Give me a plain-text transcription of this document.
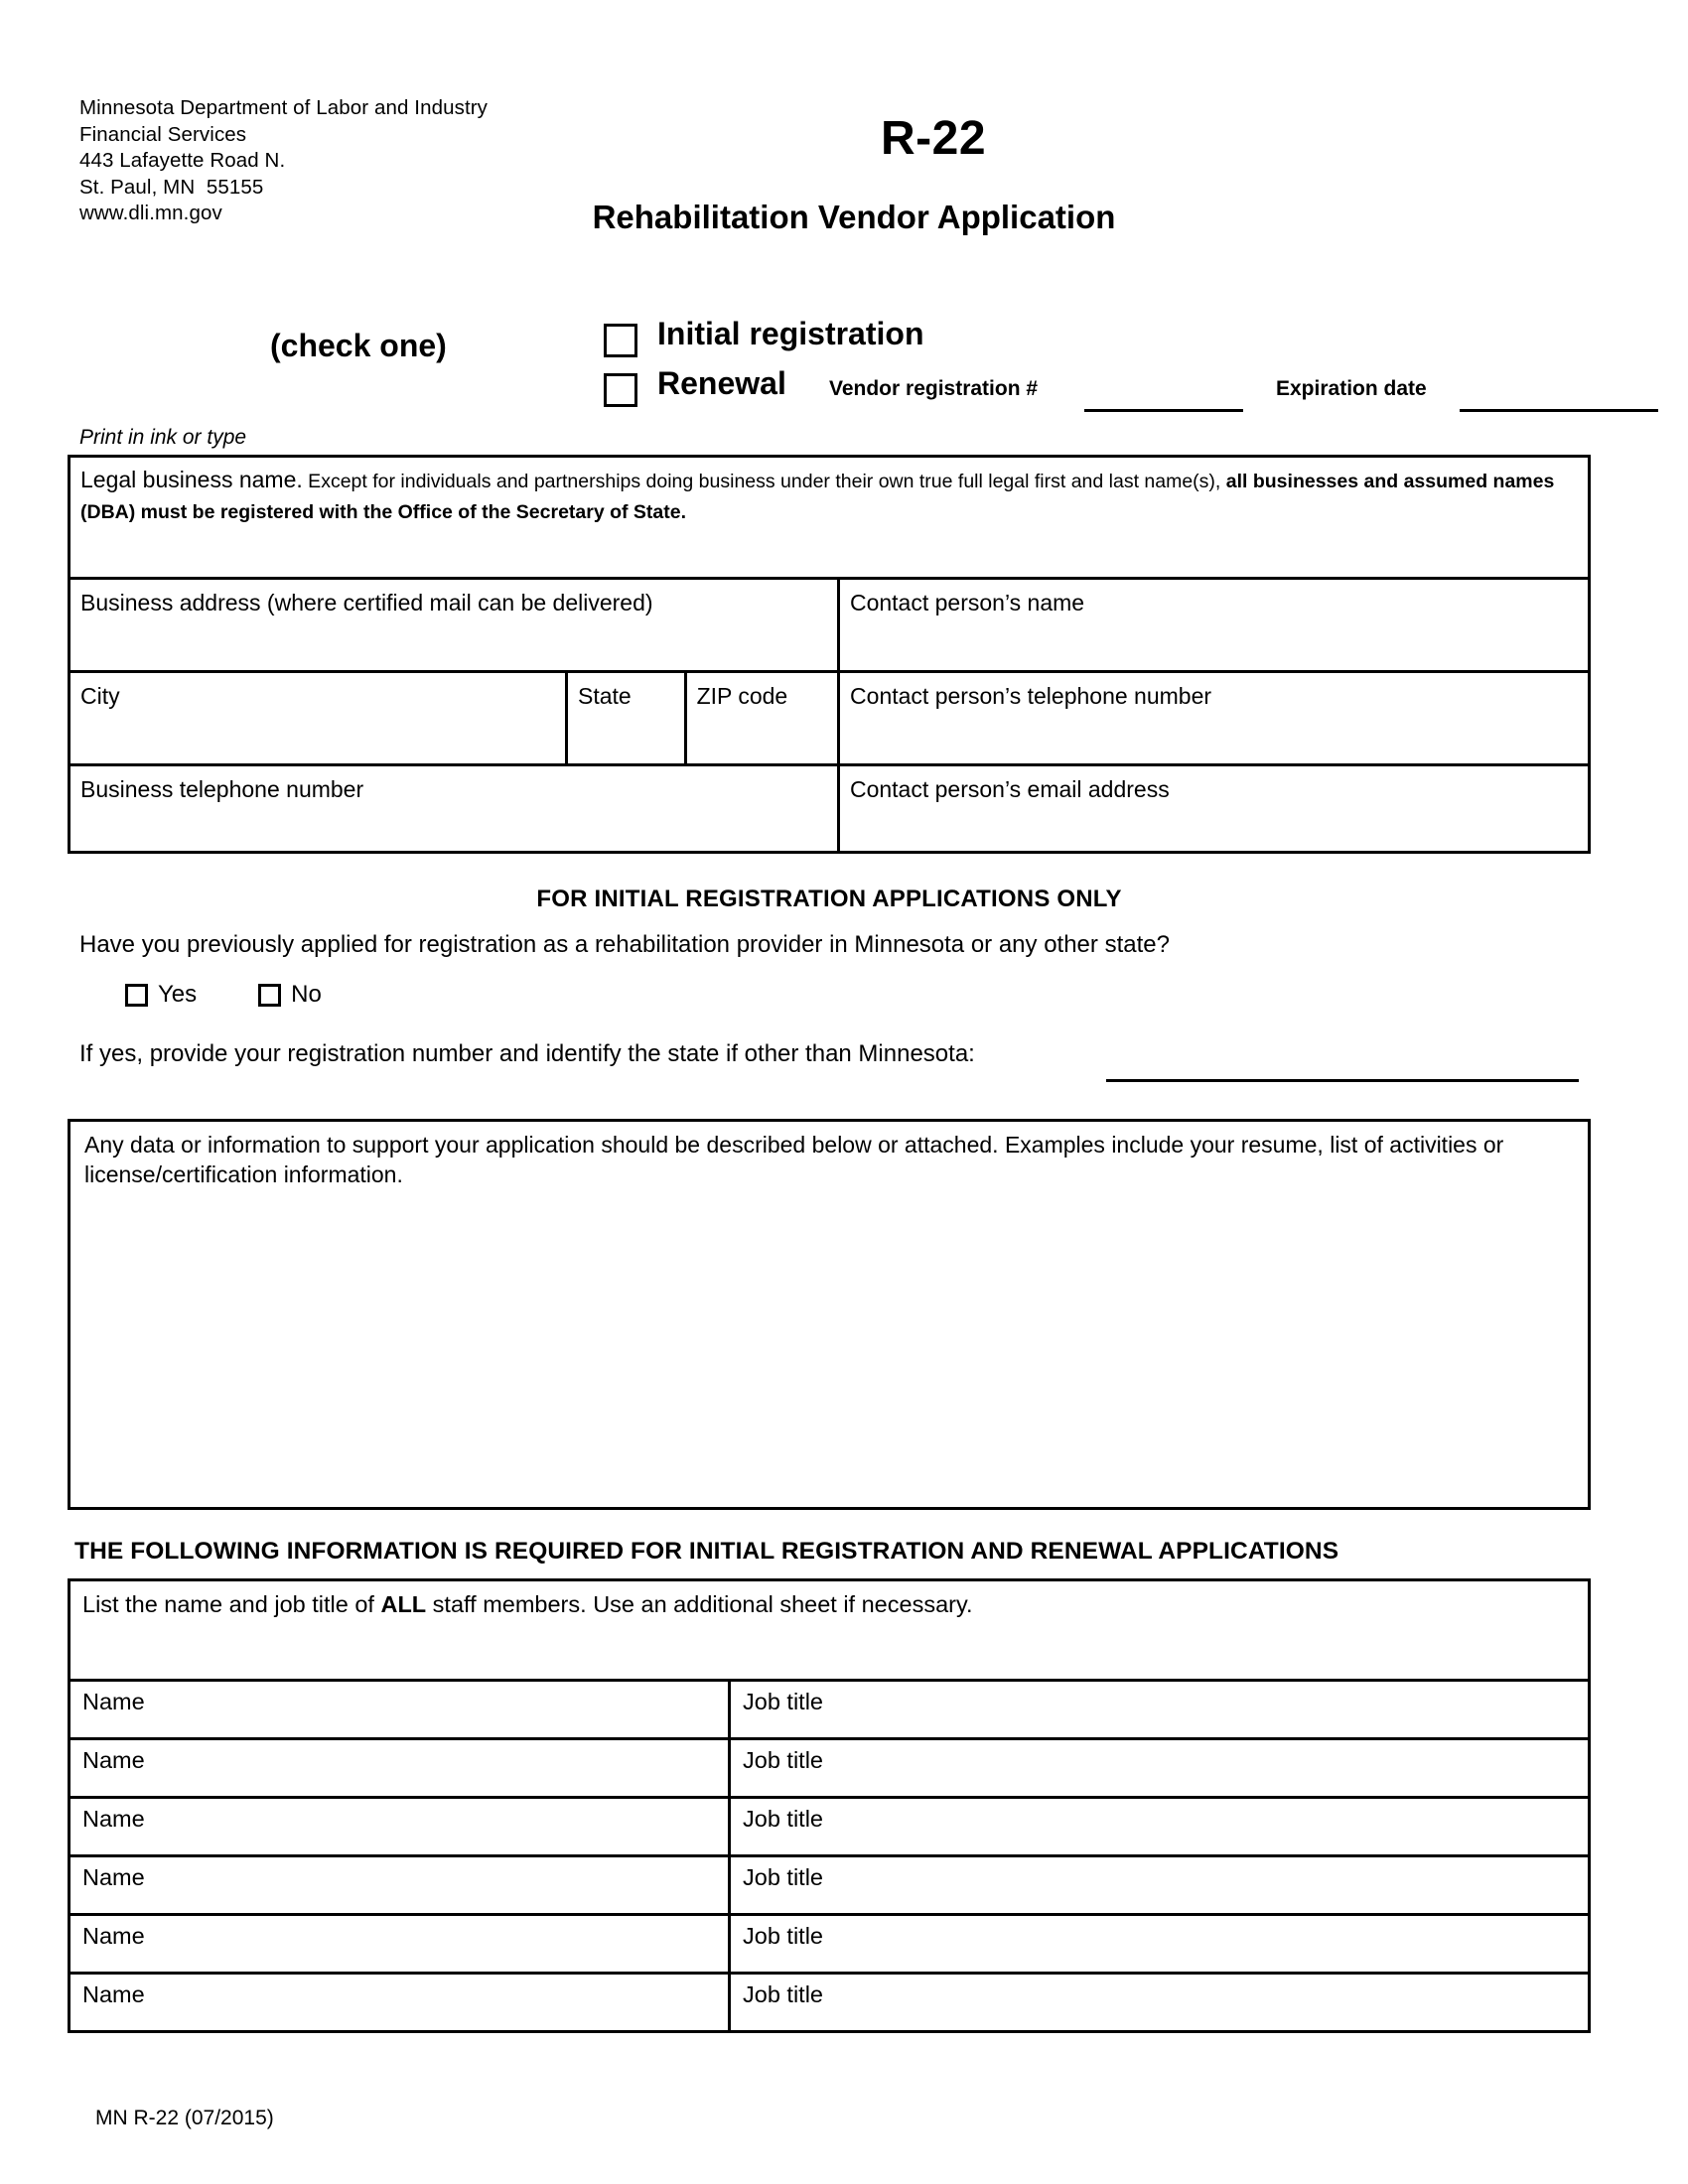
Minnesota Department of Labor and Industry
Financial Services
443 Lafayette Road N.
St. Paul, MN  55155
www.dli.mn.gov
R-22
Rehabilitation Vendor Application
(check one)	Initial registration
Renewal Vendor registration #	Expiration date
Print in ink or type
Legal business name. Except for individuals and partnerships doing business under their own true full legal first and last name(s), all businesses and assumed names (DBA) must be registered with the Office of the Secretary of State.
Business address (where certified mail can be delivered)	Contact person’s name
City	State	ZIP code	Contact person’s telephone number
Business telephone number	Contact person’s email address
FOR INITIAL REGISTRATION APPLICATIONS ONLY
Have you previously applied for registration as a rehabilitation provider in Minnesota or any other state?
Yes	No
If yes, provide your registration number and identify the state if other than Minnesota:
Any data or information to support your application should be described below or attached. Examples include your resume, list of activities or license/certification information.
THE FOLLOWING INFORMATION IS REQUIRED FOR INITIAL REGISTRATION AND RENEWAL APPLICATIONS
List the name and job title of ALL staff members. Use an additional sheet if necessary.
Name	Job title
Name	Job title
Name	Job title
Name	Job title
Name	Job title
Name	Job title
MN R-22 (07/2015)
